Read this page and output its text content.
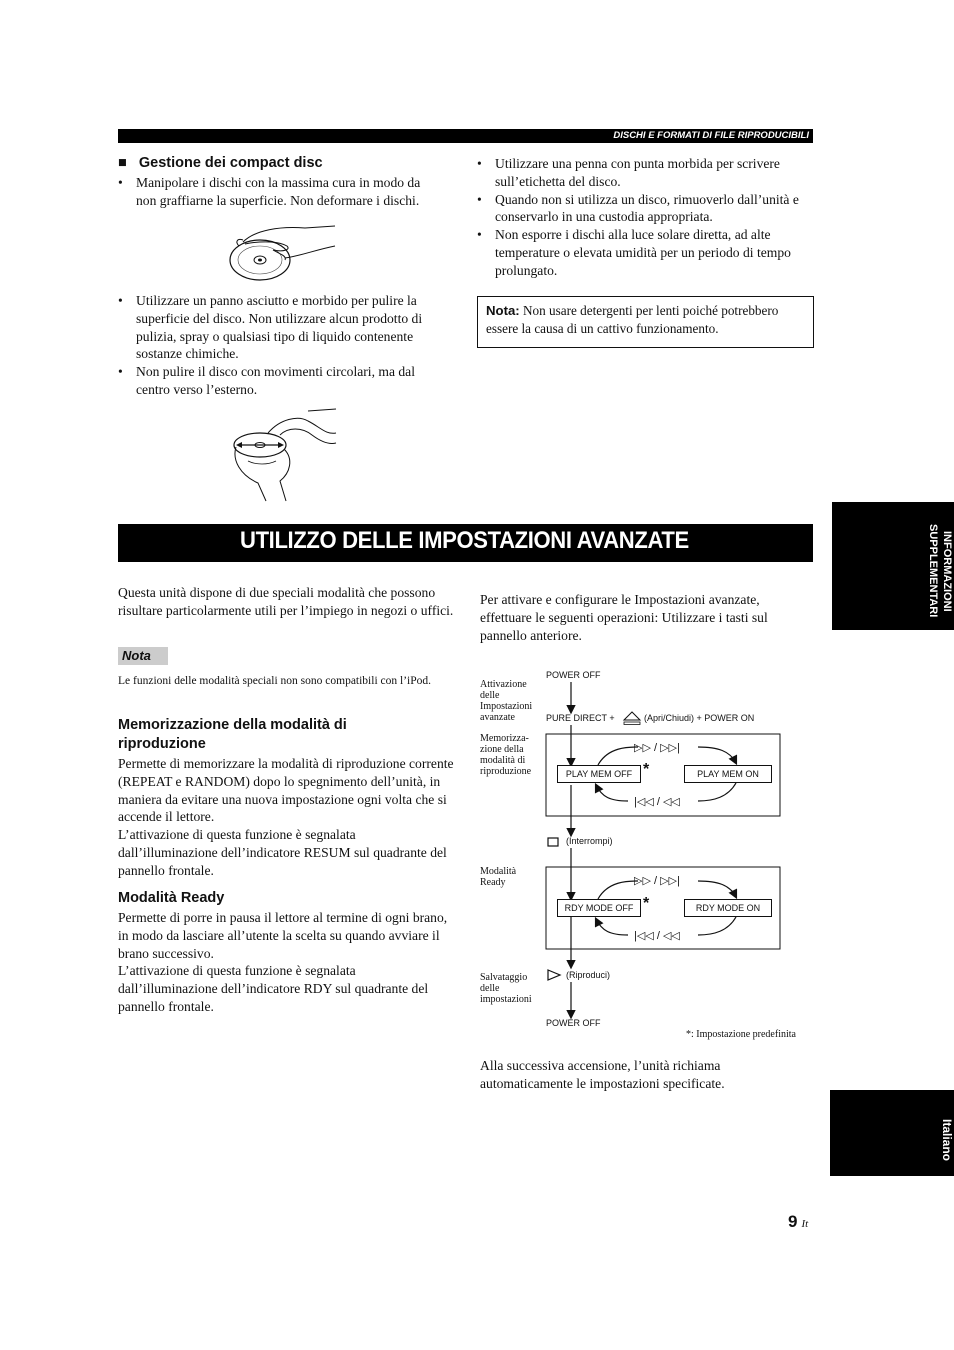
DISCHI E FORMATI DI FILE RIPRODUCIBILI
■ Gestione dei compact disc
• Manipolare i dischi con la massima cura in modo da non graffiarne la superficie. Non deformare i dischi.
• Utilizzare un panno asciutto e morbido per pulire la superficie del disco. Non utilizzare alcun prodotto di pulizia, spray o qualsiasi tipo di liquido contenente sostanze chimiche.
• Non pulire il disco con movimenti circolari, ma dal centro verso l’esterno.
• Utilizzare una penna con punta morbida per scrivere sull’etichetta del disco.
• Quando non si utilizza un disco, rimuoverlo dall’unità e conservarlo in una custodia appropriata.
• Non esporre i dischi alla luce solare diretta, ad alte temperature o elevata umidità per un periodo di tempo prolungato.
Nota: Non usare detergenti per lenti poiché potrebbero essere la causa di un cattivo funzionamento.
UTILIZZO DELLE IMPOSTAZIONI AVANZATE
Questa unità dispone di due speciali modalità che possono risultare particolarmente utili per l’impiego in negozi o uffici.
Nota
Le funzioni delle modalità speciali non sono compatibili con l’iPod.
Memorizzazione della modalità di riproduzione
Permette di memorizzare la modalità di riproduzione corrente (REPEAT e RANDOM) dopo lo spegnimento dell’unità, in maniera da evitare una nuova impostazione ogni volta che si accende il lettore.
L’attivazione di questa funzione è segnalata dall’illuminazione dell’indicatore RESUM sul quadrante del pannello frontale.
Modalità Ready
Permette di porre in pausa il lettore al termine di ogni brano, in modo da lasciare all’utente la scelta su quando avviare il brano successivo.
L’attivazione di questa funzione è segnalata dall’illuminazione dell’indicatore RDY sul quadrante del pannello frontale.
Per attivare e configurare le Impostazioni avanzate, effettuare le seguenti operazioni: Utilizzare i tasti sul pannello anteriore.
Attivazione delle Impostazioni avanzate
Memorizza-zione della modalità di riproduzione
Modalità Ready
Salvataggio delle impostazioni
POWER OFF
PURE DIRECT +	(Apri/Chiudi) + POWER ON
▷▷ / ▷▷|
PLAY MEM OFF *	PLAY MEM ON
|◁◁ / ◁◁
(Interrompi)
▷▷ / ▷▷|
RDY MODE OFF *	RDY MODE ON
|◁◁ / ◁◁
(Riproduci)
POWER OFF
*: Impostazione predefinita
Alla successiva accensione, l’unità richiama automaticamente le impostazioni specificate.
INFORMAZIONI SUPPLEMENTARI
Italiano
9 It
